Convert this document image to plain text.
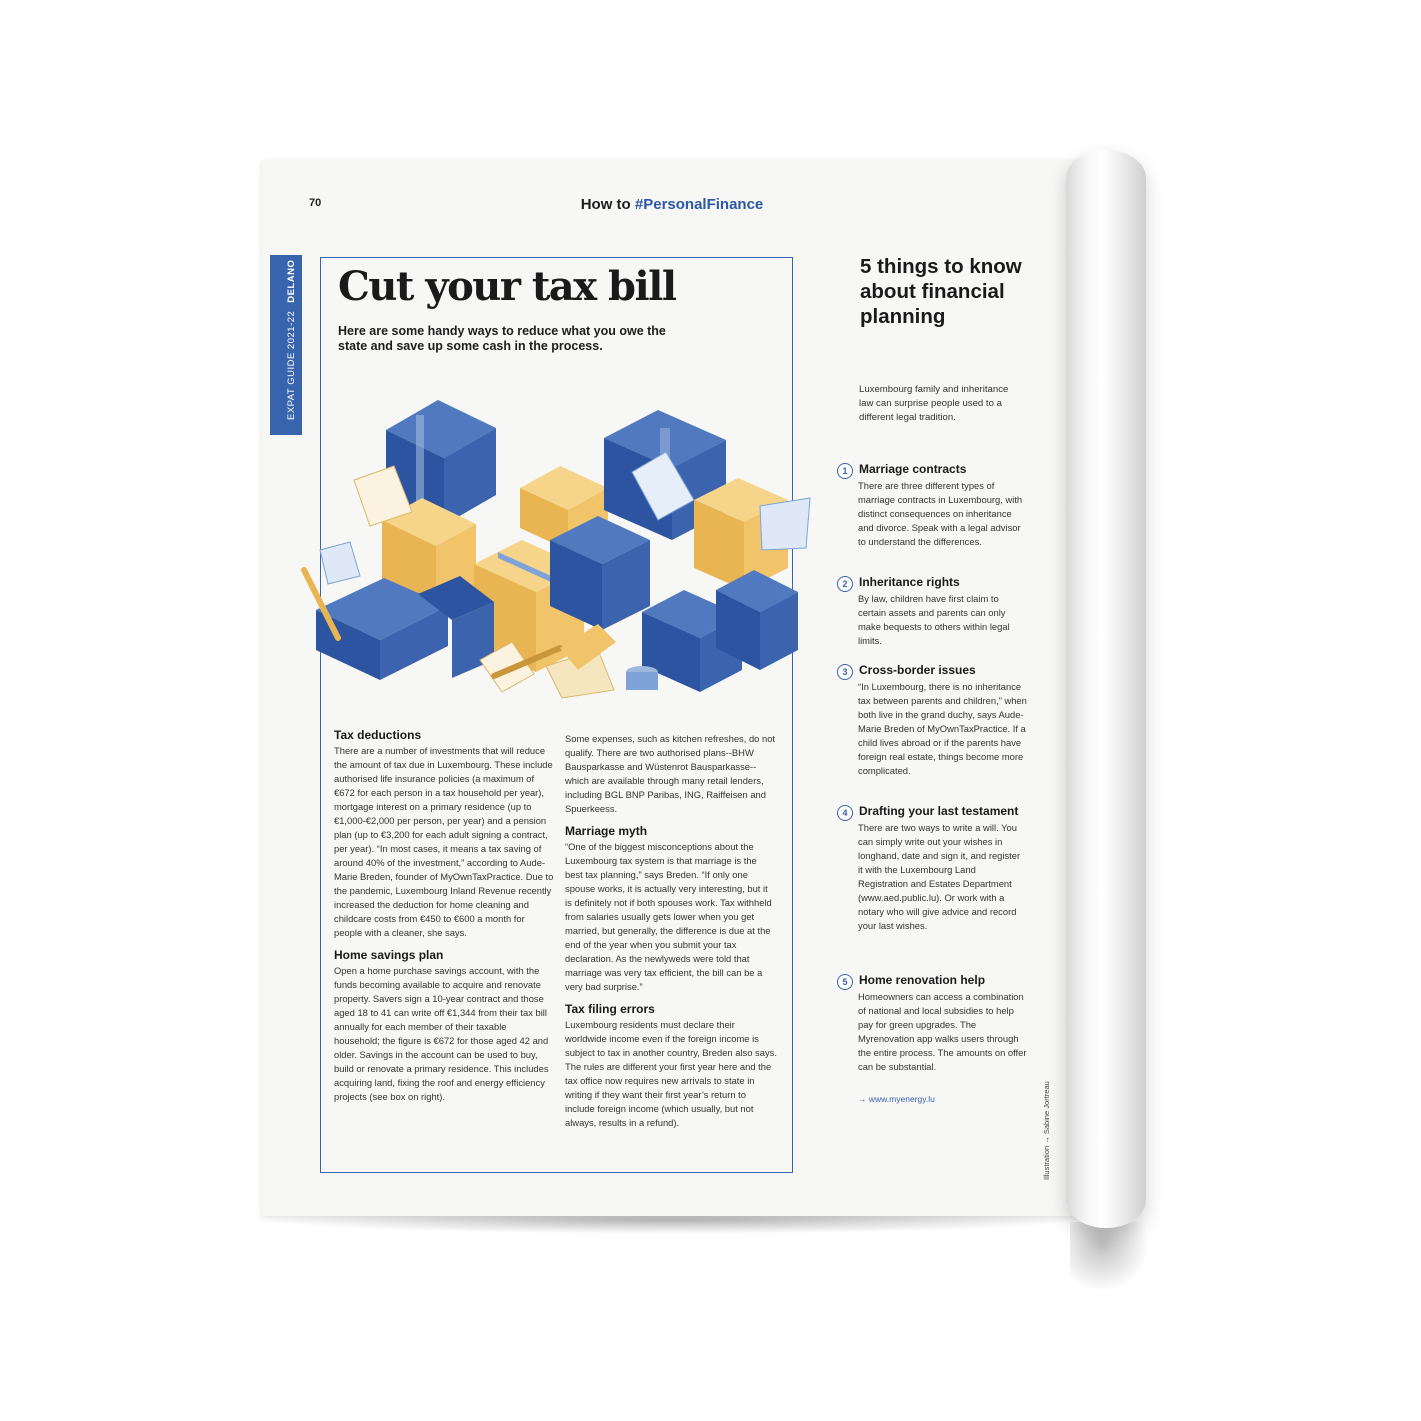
70	How to #PersonalFinance
EXPAT GUIDE 2021-22DELANO Cut your tax bill
Here are some handy ways to reduce what you owe the state and save up some cash in the process.
Tax deductions

There are a number of investments that will reduce the amount of tax due in Luxembourg. These include authorised life insurance policies (a maximum of €672 for each person in a tax household per year), mortgage interest on a primary residence (up to €1,000-€2,000 per person, per year) and a pension plan (up to €3,200 for each adult signing a contract, per year). “In most cases, it means a tax saving of around 40% of the investment,” according to Aude-Marie Breden, founder of MyOwnTaxPractice. Due to the pandemic, Luxembourg Inland Revenue recently increased the deduction for home cleaning and childcare costs from €450 to €600 a month for people with a cleaner, she says.

Home savings plan

Open a home purchase savings account, with the funds becoming available to acquire and renovate property. Savers sign a 10-year contract and those aged 18 to 41 can write off €1,344 from their tax bill annually for each member of their taxable household; the figure is €672 for those aged 42 and older. Savings in the account can be used to buy, build or renovate a primary residence. This includes acquiring land, fixing the roof and energy efficiency projects (see box on right).

Some expenses, such as kitchen refreshes, do not qualify. There are two authorised plans--BHW Bausparkasse and Wüstenrot Bausparkasse--which are available through many retail lenders, including BGL BNP Paribas, ING, Raiffeisen and Spuerkeess.

Marriage myth

“One of the biggest misconceptions about the Luxembourg tax system is that marriage is the best tax planning,” says Breden. “If only one spouse works, it is actually very interesting, but it is definitely not if both spouses work. Tax withheld from salaries usually gets lower when you get married, but generally, the difference is due at the end of the year when you submit your tax declaration. As the newlyweds were told that marriage was very tax efficient, the bill can be a very bad surprise.”

Tax filing errors

Luxembourg residents must declare their worldwide income even if the foreign income is subject to tax in another country, Breden also says. The rules are different your first year here and the tax office now requires new arrivals to state in writing if they want their first year’s return to include foreign income (which usually, but not always, results in a refund).

5 things to know about financial planning
Luxembourg family and inheritance law can surprise people used to a different legal tradition.
1 Marriage contracts

There are three different types of marriage contracts in Luxembourg, with distinct consequences on inheritance and divorce. Speak with a legal advisor to understand the differences.

2 Inheritance rights

By law, children have first claim to certain assets and parents can only make bequests to others within legal limits.

3 Cross-border issues

“In Luxembourg, there is no inheritance tax between parents and children,” when both live in the grand duchy, says Aude-Marie Breden of MyOwnTaxPractice. If a child lives abroad or if the parents have foreign real estate, things become more complicated.

4 Drafting your last testament

There are two ways to write a will. You can simply write out your wishes in longhand, date and sign it, and register it with the Luxembourg Land Registration and Estates Department (www.aed.public.lu). Or work with a notary who will give advice and record your last wishes.

5 Home renovation help

Homeowners can access a combination of national and local subsidies to help pay for green upgrades. The Myrenovation app walks users through the entire process. The amounts on offer can be substantial.

→ www.myenergy.lu	Illustration → Sabine Jortreau
